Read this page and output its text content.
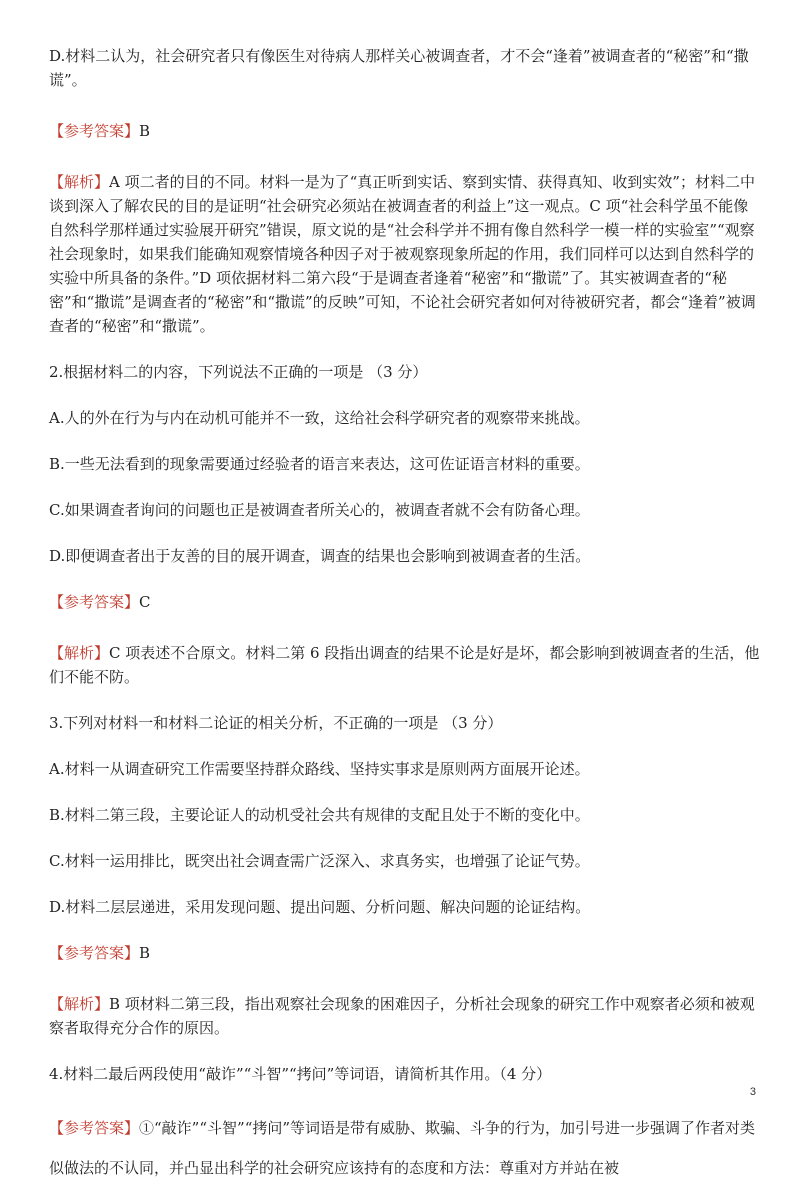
D.材料二认为，社会研究者只有像医生对待病人那样关心被调查者，才不会“逢着”被调查者的“秘密”和“撒谎”。

【参考答案】B

【解析】A 项二者的目的不同。材料一是为了“真正听到实话、察到实情、获得真知、收到实效”；材料二中谈到深入了解农民的目的是证明“社会研究必须站在被调查者的利益上”这一观点。C 项“社会科学虽不能像自然科学那样通过实验展开研究”错误，原文说的是“社会科学并不拥有像自然科学一模一样的实验室”“观察社会现象时，如果我们能确知观察情境各种因子对于被观察现象所起的作用，我们同样可以达到自然科学的实验中所具备的条件。”D 项依据材料二第六段“于是调查者逢着“秘密”和“撒谎”了。其实被调查者的“秘密”和“撒谎”是调查者的“秘密”和“撒谎”的反映”可知，不论社会研究者如何对待被研究者，都会“逢着”被调查者的“秘密”和“撒谎”。

2.根据材料二的内容，下列说法不正确的一项是 （3 分）

A.人的外在行为与内在动机可能并不一致，这给社会科学研究者的观察带来挑战。

B.一些无法看到的现象需要通过经验者的语言来表达，这可佐证语言材料的重要。

C.如果调查者询问的问题也正是被调查者所关心的，被调查者就不会有防备心理。

D.即便调查者出于友善的目的展开调查，调查的结果也会影响到被调查者的生活。

【参考答案】C

【解析】C 项表述不合原文。材料二第 6 段指出调查的结果不论是好是坏，都会影响到被调查者的生活，他们不能不防。

3.下列对材料一和材料二论证的相关分析，不正确的一项是 （3 分）

A.材料一从调查研究工作需要坚持群众路线、坚持实事求是原则两方面展开论述。

B.材料二第三段，主要论证人的动机受社会共有规律的支配且处于不断的变化中。

C.材料一运用排比，既突出社会调查需广泛深入、求真务实，也增强了论证气势。

D.材料二层层递进，采用发现问题、提出问题、分析问题、解决问题的论证结构。

【参考答案】B

【解析】B 项材料二第三段，指出观察社会现象的困难因子，分析社会现象的研究工作中观察者必须和被观察者取得充分合作的原因。

4.材料二最后两段使用“敲诈”“斗智”“拷问”等词语，请简析其作用。（4 分）

【参考答案】①“敲诈”“斗智”“拷问”等词语是带有威胁、欺骗、斗争的行为，加引号进一步强调了作者对类似做法的不认同，并凸显出科学的社会研究应该持有的态度和方法：尊重对方并站在被

3
